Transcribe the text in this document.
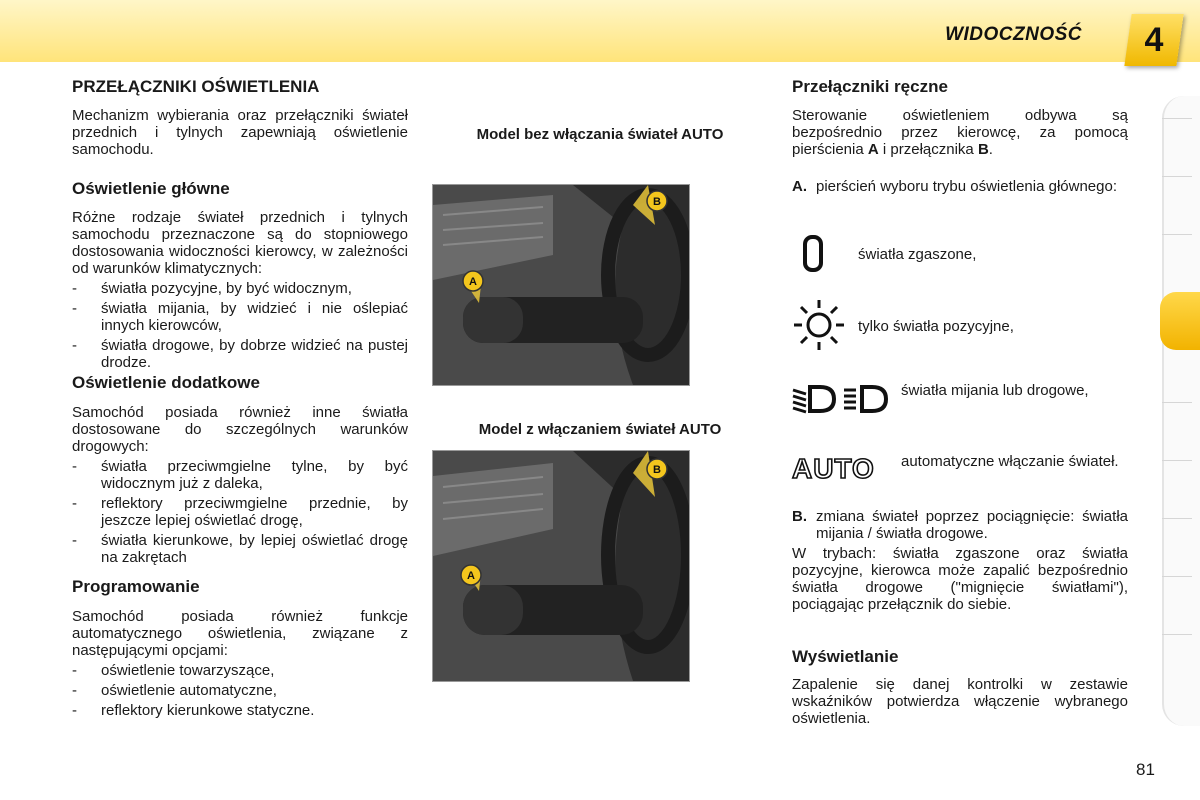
WIDOCZNOŚĆ	4
PRZEŁĄCZNIKI OŚWIETLENIA

Mechanizm wybierania oraz przełączniki świateł przednich i tylnych zapewniają oświetlenie samochodu.

Oświetlenie główne

Różne rodzaje świateł przednich i tylnych samochodu przeznaczone są do stopniowego dostosowania widoczności kierowcy, w zależności od warunków klimatycznych:

- światła pozycyjne, by być widocznym,
- światła mijania, by widzieć i nie oślepiać innych kierowców,
- światła drogowe, by dobrze widzieć na pustej drodze.
Oświetlenie dodatkowe

Samochód posiada również inne światła dostosowane do szczególnych warunków drogowych:

- światła przeciwmgielne tylne, by być widocznym już z daleka,
- reflektory przeciwmgielne przednie, by jeszcze lepiej oświetlać drogę,
- światła kierunkowe, by lepiej oświetlać drogę na zakrętach
Programowanie

Samochód posiada również funkcje automatycznego oświetlenia, związane z następującymi opcjami:

- oświetlenie towarzyszące,
- oświetlenie automatyczne,
- reflektory kierunkowe statyczne.
Model bez włączania świateł AUTO
A
B
Model z włączaniem świateł AUTO
A
B
Przełączniki ręczne

Sterowanie oświetleniem odbywa są bezpośrednio przez kierowcę, za pomocą pierścienia A i przełącznika B.

A. pierścień wyboru trybu oświetlenia głównego:

światła zgaszone,
tylko światła pozycyjne,
światła mijania lub drogowe,
AUTO	automatyczne włączanie świateł.

B. zmiana świateł poprzez pociągnięcie: światła mijania / światła drogowe.

W trybach: światła zgaszone oraz światła pozycyjne, kierowca może zapalić bezpośrednio światła drogowe ("mignięcie światłami"), pociągając przełącznik do siebie.

Wyświetlanie

Zapalenie się danej kontrolki w zestawie wskaźników potwierdza włączenie wybranego oświetlenia.

81
